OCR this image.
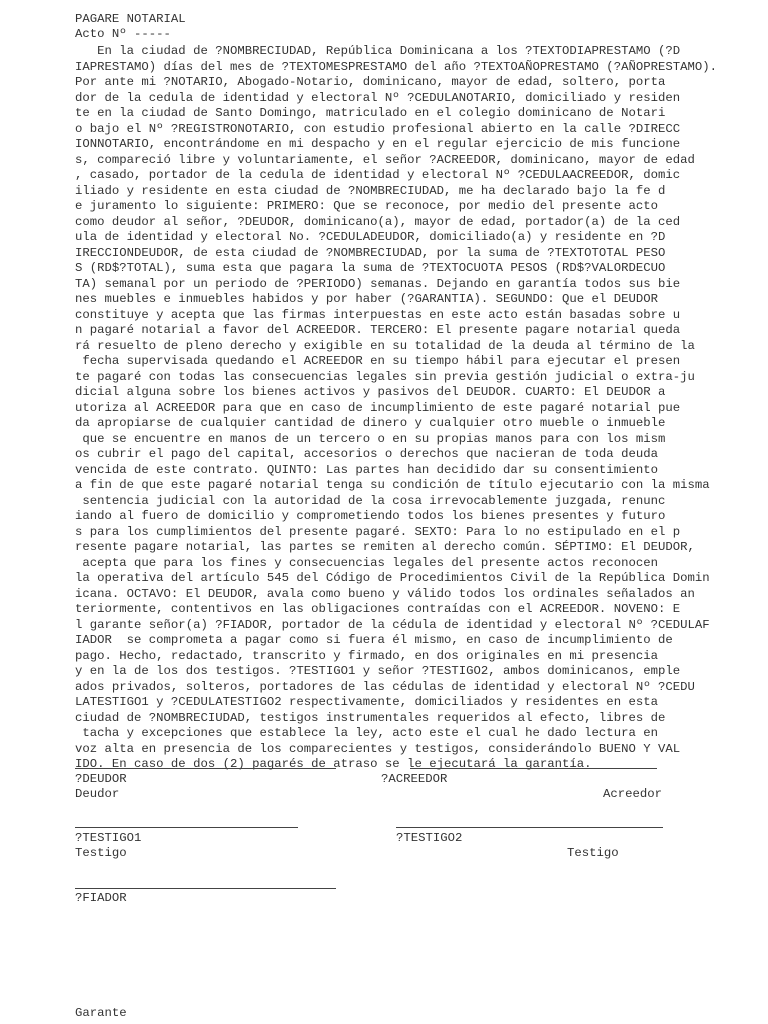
PAGARE NOTARIAL

Acto Nº -----

En la ciudad de ?NOMBRECIUDAD, República Dominicana a los ?TEXTODIAPRESTAMO (?D

IAPRESTAMO) días del mes de ?TEXTOMESPRESTAMO del año ?TEXTOAÑOPRESTAMO (?AÑOPRESTAMO).

Por ante mi ?NOTARIO, Abogado-Notario, dominicano, mayor de edad, soltero, porta

dor de la cedula de identidad y electoral Nº ?CEDULANOTARIO, domiciliado y residen

te en la ciudad de Santo Domingo, matriculado en el colegio dominicano de Notari

o bajo el Nº ?REGISTRONOTARIO, con estudio profesional abierto en la calle ?DIRECC

IONNOTARIO, encontrándome en mi despacho y en el regular ejercicio de mis funcione

s, compareció libre y voluntariamente, el señor ?ACREEDOR, dominicano, mayor de edad

, casado, portador de la cedula de identidad y electoral Nº ?CEDULAACREEDOR, domic

iliado y residente en esta ciudad de ?NOMBRECIUDAD, me ha declarado bajo la fe d

e juramento lo siguiente: PRIMERO: Que se reconoce, por medio del presente acto

como deudor al señor, ?DEUDOR, dominicano(a), mayor de edad, portador(a) de la ced

ula de identidad y electoral No. ?CEDULADEUDOR, domiciliado(a) y residente en ?D

IRECCIONDEUDOR, de esta ciudad de ?NOMBRECIUDAD, por la suma de ?TEXTOTOTAL PESO

S (RD$?TOTAL), suma esta que pagara la suma de ?TEXTOCUOTA PESOS (RD$?VALORDECUO

TA) semanal por un periodo de ?PERIODO) semanas. Dejando en garantía todos sus bie

nes muebles e inmuebles habidos y por haber (?GARANTIA). SEGUNDO: Que el DEUDOR

constituye y acepta que las firmas interpuestas en este acto están basadas sobre u

n pagaré notarial a favor del ACREEDOR. TERCERO: El presente pagare notarial queda

rá resuelto de pleno derecho y exigible en su totalidad de la deuda al término de la

fecha supervisada quedando el ACREEDOR en su tiempo hábil para ejecutar el presen

te pagaré con todas las consecuencias legales sin previa gestión judicial o extra-ju

dicial alguna sobre los bienes activos y pasivos del DEUDOR. CUARTO: El DEUDOR a

utoriza al ACREEDOR para que en caso de incumplimiento de este pagaré notarial pue

da apropiarse de cualquier cantidad de dinero y cualquier otro mueble o inmueble

que se encuentre en manos de un tercero o en su propias manos para con los mism

os cubrir el pago del capital, accesorios o derechos que nacieran de toda deuda

vencida de este contrato. QUINTO: Las partes han decidido dar su consentimiento

a fin de que este pagaré notarial tenga su condición de título ejecutario con la misma

sentencia judicial con la autoridad de la cosa irrevocablemente juzgada, renunc

iando al fuero de domicilio y comprometiendo todos los bienes presentes y futuro

s para los cumplimientos del presente pagaré. SEXTO: Para lo no estipulado en el p

resente pagare notarial, las partes se remiten al derecho común. SÉPTIMO: El DEUDOR,

acepta que para los fines y consecuencias legales del presente actos reconocen

la operativa del artículo 545 del Código de Procedimientos Civil de la República Domin

icana. OCTAVO: El DEUDOR, avala como bueno y válido todos los ordinales señalados an

teriormente, contentivos en las obligaciones contraídas con el ACREEDOR. NOVENO: E

l garante señor(a) ?FIADOR, portador de la cédula de identidad y electoral Nº ?CEDULAF

IADOR  se comprometa a pagar como si fuera él mismo, en caso de incumplimiento de

pago. Hecho, redactado, transcrito y firmado, en dos originales en mi presencia

y en la de los dos testigos. ?TESTIGO1 y señor ?TESTIGO2, ambos dominicanos, emple

ados privados, solteros, portadores de las cédulas de identidad y electoral Nº ?CEDU

LATESTIGO1 y ?CEDULATESTIGO2 respectivamente, domiciliados y residentes en esta

ciudad de ?NOMBRECIUDAD, testigos instrumentales requeridos al efecto, libres de

tacha y excepciones que establece la ley, acto este el cual he dado lectura en

voz alta en presencia de los comparecientes y testigos, considerándolo BUENO Y VAL

IDO. En caso de dos (2) pagarés de atraso se le ejecutará la garantía.

?DEUDOR	?ACREEDOR

Deudor	Acreedor

?TESTIGO1	?TESTIGO2

Testigo	Testigo

?FIADOR

Garante
